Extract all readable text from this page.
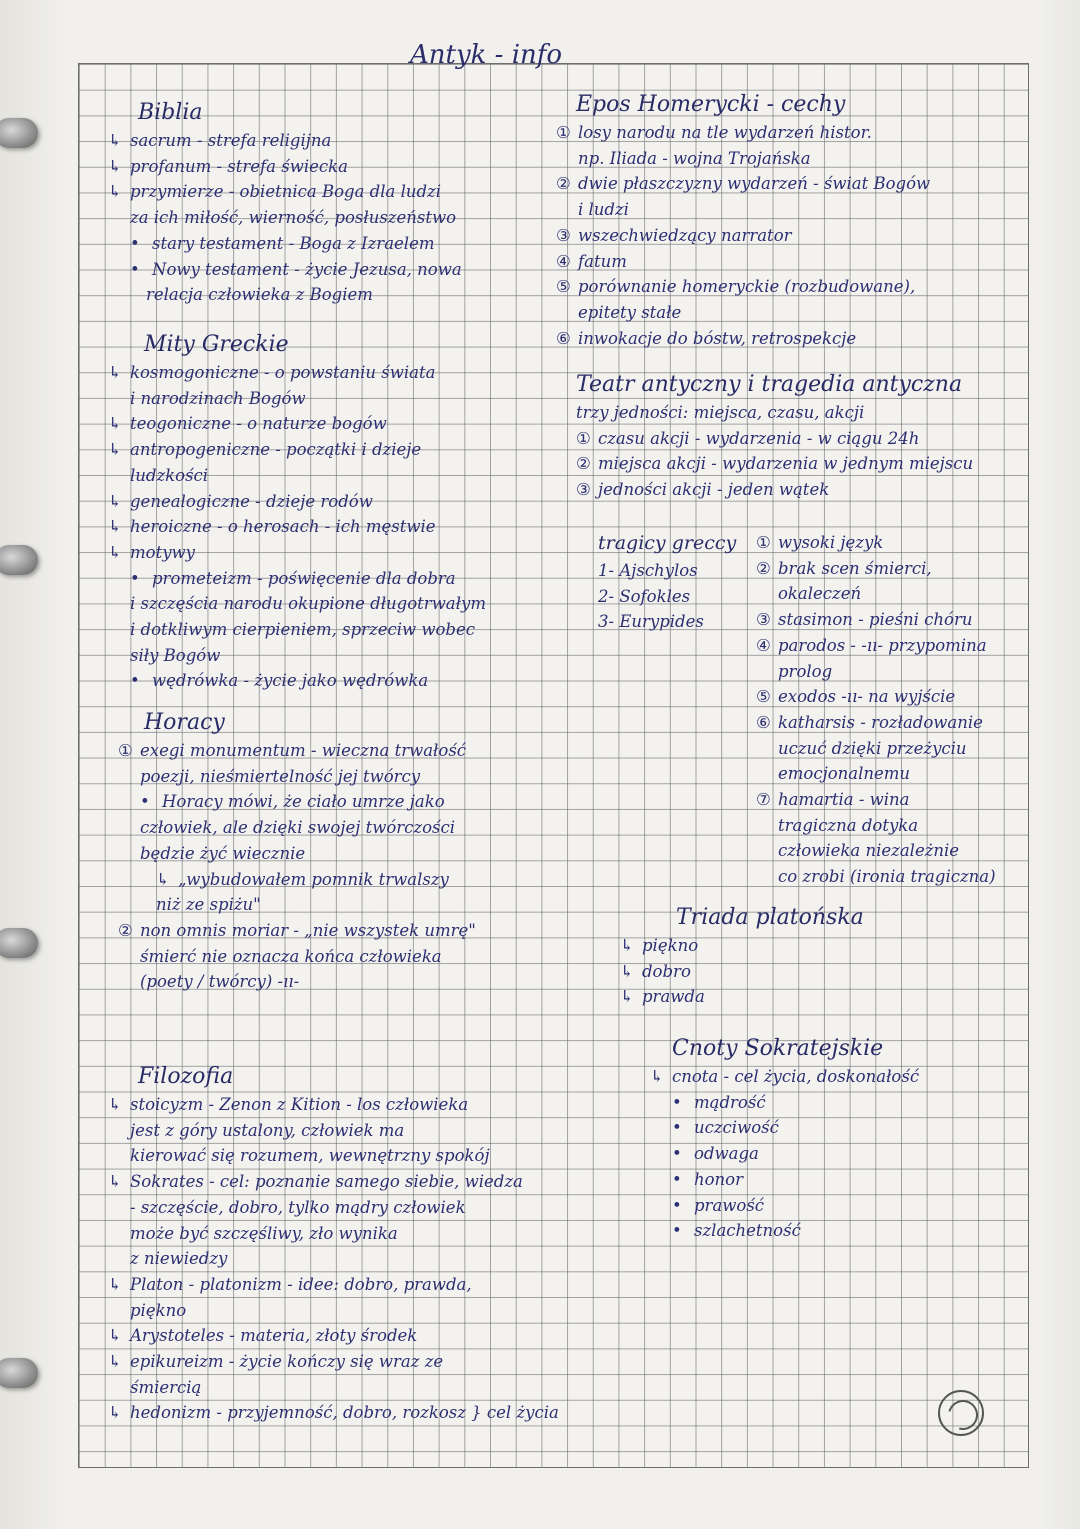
Antyk - info
Biblia
↳ sacrum - strefa religijna
↳ profanum - strefa świecka
↳ przymierze - obietnica Boga dla ludzi
za ich miłość, wierność, posłuszeństwo
• stary testament - Boga z Izraelem
• Nowy testament - życie Jezusa, nowa
relacja człowieka z Bogiem
Mity Greckie
↳ kosmogoniczne - o powstaniu świata
i narodzinach Bogów
↳ teogoniczne - o naturze bogów
↳ antropogeniczne - początki i dzieje
ludzkości
↳ genealogiczne - dzieje rodów
↳ heroiczne - o herosach - ich męstwie
↳ motywy
• prometeizm - poświęcenie dla dobra
i szczęścia narodu okupione długotrwałym
i dotkliwym cierpieniem, sprzeciw wobec
siły Bogów
• wędrówka - życie jako wędrówka
Horacy
① exegi monumentum - wieczna trwałość
poezji, nieśmiertelność jej twórcy
• Horacy mówi, że ciało umrze jako
człowiek, ale dzięki swojej twórczości
będzie żyć wiecznie
↳ „wybudowałem pomnik trwalszy
niż ze spiżu"
② non omnis moriar - „nie wszystek umrę"
śmierć nie oznacza końca człowieka
(poety / twórcy) -ıı-
Filozofia
↳ stoicyzm - Zenon z Kition - los człowieka
jest z góry ustalony, człowiek ma
kierować się rozumem, wewnętrzny spokój
↳ Sokrates - cel: poznanie samego siebie, wiedza
- szczęście, dobro, tylko mądry człowiek
może być szczęśliwy, zło wynika
z niewiedzy
↳ Platon - platonizm - idee: dobro, prawda,
piękno
↳ Arystoteles - materia, złoty środek
↳ epikureizm - życie kończy się wraz ze
śmiercią
↳ hedonizm - przyjemność, dobro, rozkosz } cel życia
Epos Homerycki - cechy
① losy narodu na tle wydarzeń histor.
np. Iliada - wojna Trojańska
② dwie płaszczyzny wydarzeń - świat Bogów
i ludzi
③ wszechwiedzący narrator
④ fatum
⑤ porównanie homeryckie (rozbudowane),
epitety stałe
⑥ inwokacje do bóstw, retrospekcje
Teatr antyczny i tragedia antyczna
trzy jedności: miejsca, czasu, akcji
① czasu akcji - wydarzenia - w ciągu 24h
② miejsca akcji - wydarzenia w jednym miejscu
③ jedności akcji - jeden wątek
tragicy greccy
1- Ajschylos
2- Sofokles
3- Eurypides
① wysoki język
② brak scen śmierci,
okaleczeń
③ stasimon - pieśni chóru
④ parodos - -ıı- przypomina
prolog
⑤ exodos -ıı- na wyjście
⑥ katharsis - rozładowanie
uczuć dzięki przeżyciu
emocjonalnemu
⑦ hamartia - wina
tragiczna dotyka
człowieka niezależnie
co zrobi (ironia tragiczna)
Triada platońska
↳ piękno
↳ dobro
↳ prawda
Cnoty Sokratejskie
↳ cnota - cel życia, doskonałość
• mądrość
• uczciwość
• odwaga
• honor
• prawość
• szlachetność
